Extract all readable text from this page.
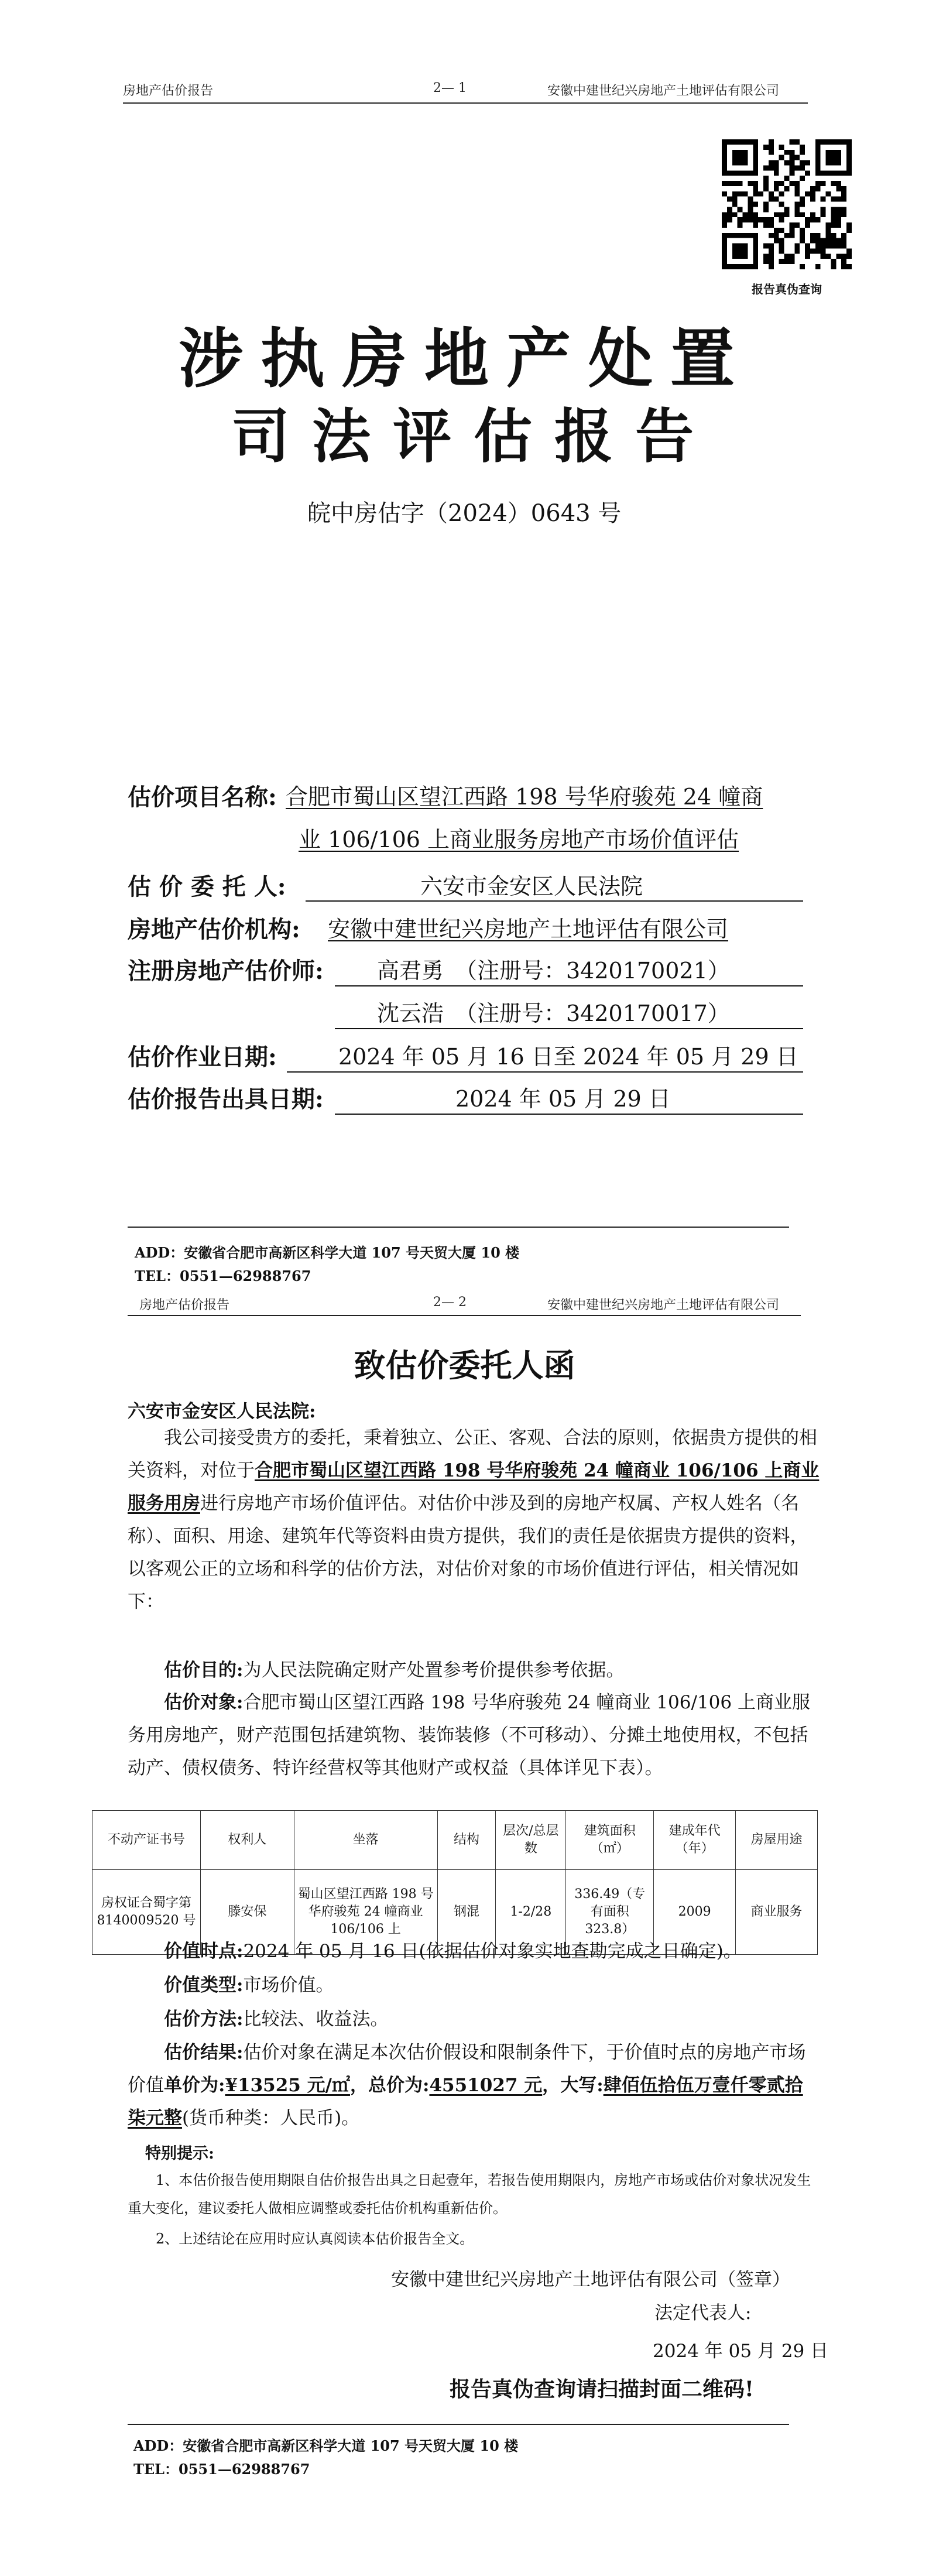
房地产估价报告	2— 1	安徽中建世纪兴房地产土地评估有限公司
报告真伪查询
涉执房地产处置
司法评估报告
皖中房估字（2024）0643 号
估价项目名称: 合肥市蜀山区望江西路 198 号华府骏苑 24 幢商
业 106/106 上商业服务房地产市场价值评估
估 价 委 托 人:	六安市金安区人民法院
房地产估价机构: 安徽中建世纪兴房地产土地评估有限公司
注册房地产估价师: 高君勇　（注册号：3420170021）
沈云浩　（注册号：3420170017）
估价作业日期:	2024 年 05 月 16 日至 2024 年 05 月 29 日
估价报告出具日期:	2024 年 05 月 29 日
ADD：安徽省合肥市高新区科学大道 107 号天贸大厦 10 楼
TEL：0551—62988767
房地产估价报告	2— 2	安徽中建世纪兴房地产土地评估有限公司
致估价委托人函
六安市金安区人民法院:
我公司接受贵方的委托，秉着独立、公正、客观、合法的原则，依据贵方提供的相关资料，对位于合肥市蜀山区望江西路 198 号华府骏苑 24 幢商业 106/106 上商业服务用房进行房地产市场价值评估。对估价中涉及到的房地产权属、产权人姓名（名称）、面积、用途、建筑年代等资料由贵方提供，我们的责任是依据贵方提供的资料，以客观公正的立场和科学的估价方法，对估价对象的市场价值进行评估，相关情况如下：
估价目的:为人民法院确定财产处置参考价提供参考依据。
估价对象:合肥市蜀山区望江西路 198 号华府骏苑 24 幢商业 106/106 上商业服务用房地产，财产范围包括建筑物、装饰装修（不可移动）、分摊土地使用权，不包括动产、债权债务、特许经营权等其他财产或权益（具体详见下表）。
不动产证书号	权利人	坐落	结构	层次/总层数	建筑面积（㎡）	建成年代（年）	房屋用途
房权证合蜀字第 8140009520 号	滕安保	蜀山区望江西路 198 号华府骏苑 24 幢商业 106/106 上	钢混	1-2/28	336.49（专有面积 323.8）	2009	商业服务
价值时点:2024 年 05 月 16 日(依据估价对象实地查勘完成之日确定)。
价值类型:市场价值。
估价方法:比较法、收益法。
估价结果:估价对象在满足本次估价假设和限制条件下，于价值时点的房地产市场价值单价为:¥13525 元/㎡，总价为:4551027 元，大写:肆佰伍拾伍万壹仟零贰拾柒元整(货币种类：人民币)。
特别提示:
1、本估价报告使用期限自估价报告出具之日起壹年，若报告使用期限内，房地产市场或估价对象状况发生重大变化，建议委托人做相应调整或委托估价机构重新估价。
2、上述结论在应用时应认真阅读本估价报告全文。
安徽中建世纪兴房地产土地评估有限公司（签章）
法定代表人:
2024 年 05 月 29 日
报告真伪查询请扫描封面二维码!
ADD：安徽省合肥市高新区科学大道 107 号天贸大厦 10 楼
TEL：0551—62988767
